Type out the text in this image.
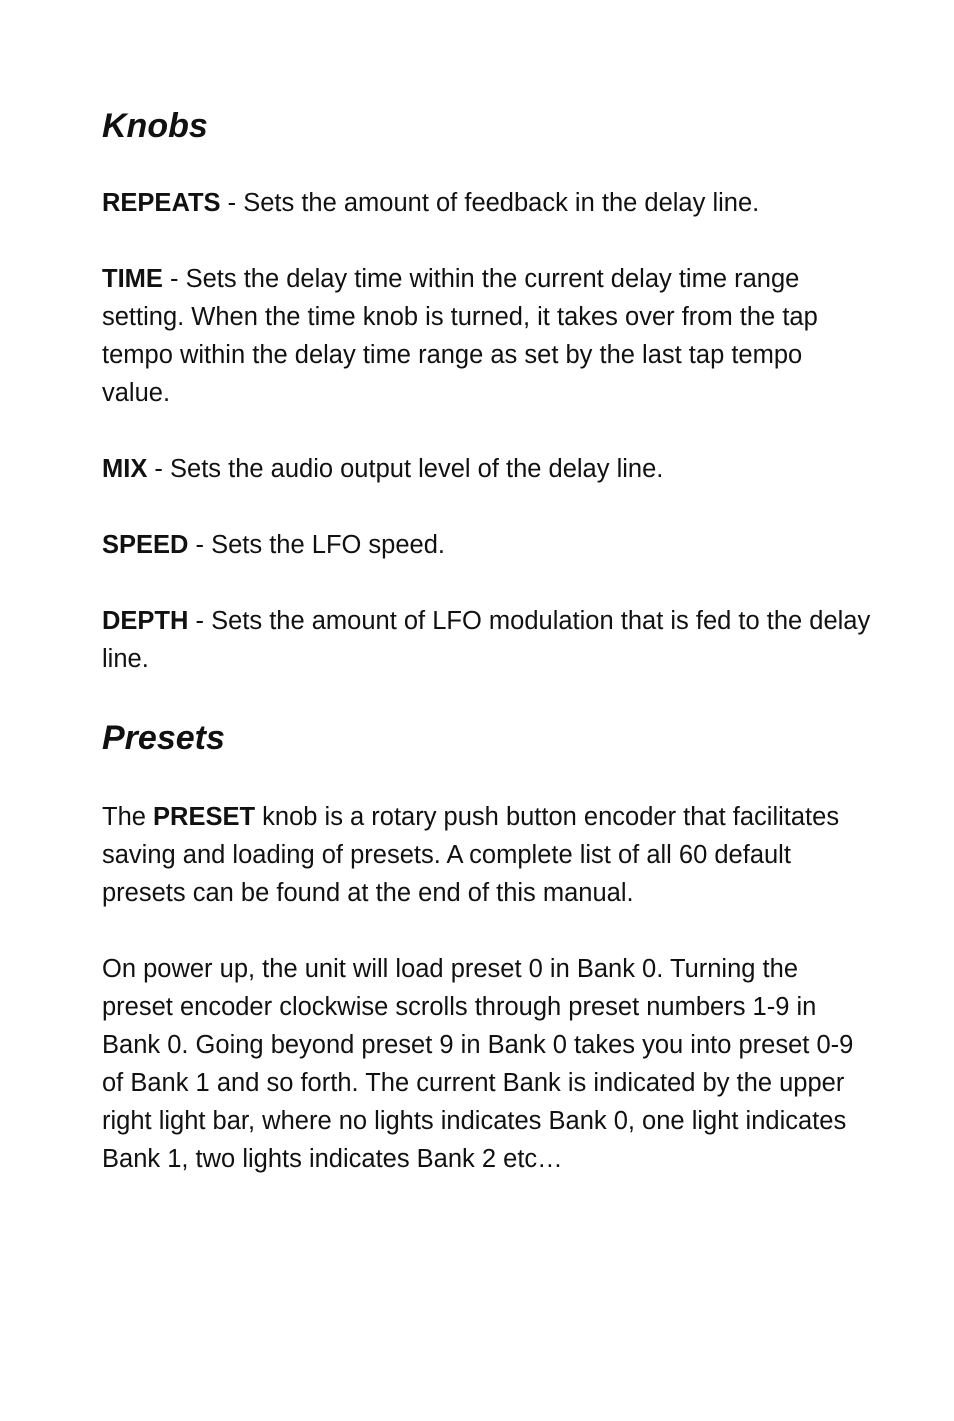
Knobs

REPEATS - Sets the amount of feedback in the delay line.

TIME - Sets the delay time within the current delay time range setting. When the time knob is turned, it takes over from the tap tempo within the delay time range as set by the last tap tempo value.

MIX - Sets the audio output level of the delay line.

SPEED - Sets the LFO speed.

DEPTH - Sets the amount of LFO modulation that is fed to the delay line.

Presets

The PRESET knob is a rotary push button encoder that facilitates saving and loading of presets. A complete list of all 60 default presets can be found at the end of this manual.

On power up, the unit will load preset 0 in Bank 0. Turning the preset encoder clockwise scrolls through preset numbers 1-9 in Bank 0. Going beyond preset 9 in Bank 0 takes you into preset 0-9 of Bank 1 and so forth. The current Bank is indicated by the upper right light bar, where no lights indicates Bank 0, one light indicates Bank 1, two lights indicates Bank 2 etc…
